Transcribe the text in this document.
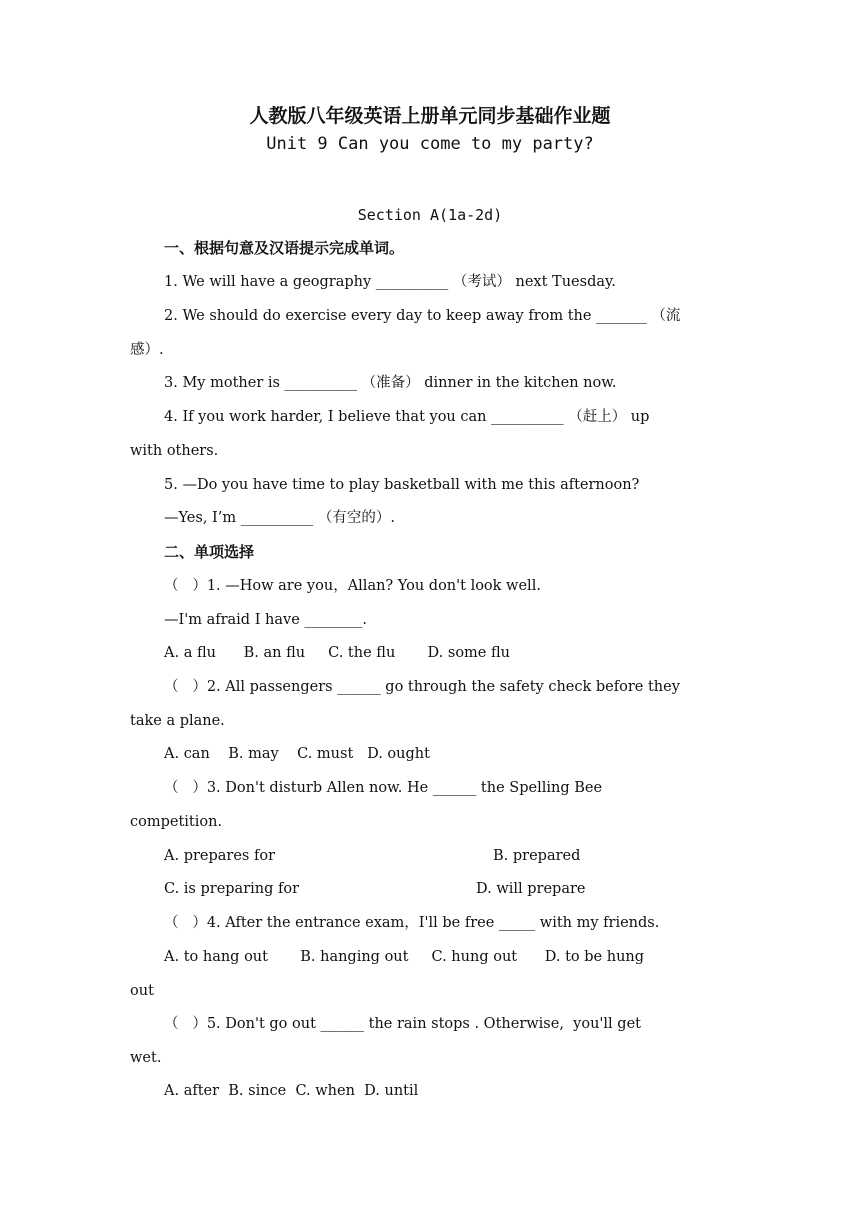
人教版八年级英语上册单元同步基础作业题
Unit 9 Can you come to my party?
Section A(1a-2d)
一、根据句意及汉语提示完成单词。
1. We will have a geography __________ （考试） next Tuesday.
2. We should do exercise every day to keep away from the _______ （流
感）.
3. My mother is __________ （准备） dinner in the kitchen now.
4. If you work harder, I believe that you can __________ （赶上） up
with others.
5. —Do you have time to play basketball with me this afternoon?
—Yes, I’m __________ （有空的）.
二、单项选择
（   ）1. —How are you，Allan? You don't look well.
—I'm afraid I have ________.
A. a flu      B. an flu     C. the flu       D. some flu
（   ）2. All passengers ______ go through the safety check before they
take a plane.
A. can    B. may    C. must   D. ought
（   ）3. Don't disturb Allen now. He ______ the Spelling Bee
competition.
A. prepares for	B. prepared
C. is preparing for	D. will prepare
（   ）4. After the entrance exam，I'll be free _____ with my friends.
A. to hang out       B. hanging out     C. hung out      D. to be hung
out
（   ）5. Don't go out ______ the rain stops . Otherwise,  you'll get
wet.
A. after  B. since  C. when  D. until
